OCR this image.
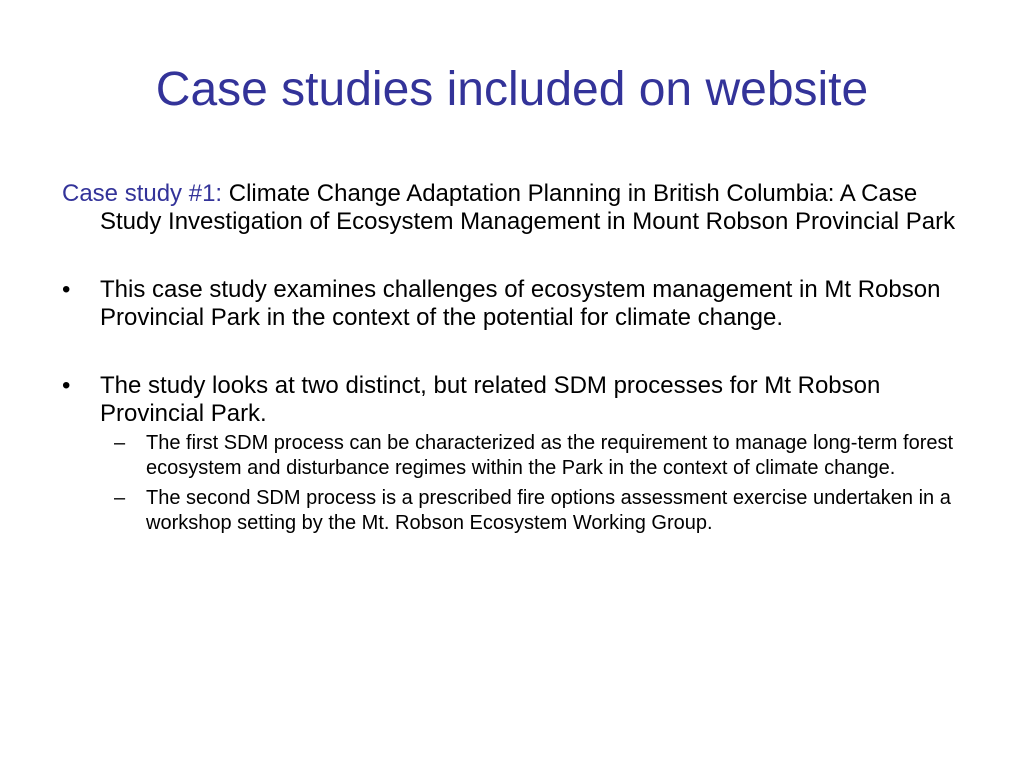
Case studies included on website

Case study #1: Climate Change Adaptation Planning in British Columbia: A Case Study Investigation of Ecosystem Management in Mount Robson Provincial Park

•	This case study examines challenges of ecosystem management in Mt Robson Provincial Park in the context of the potential for climate change.
•	The study looks at two distinct, but related SDM processes for Mt Robson Provincial Park.
– The first SDM process can be characterized as the requirement to manage long-term forest ecosystem and disturbance regimes within the Park in the context of climate change.
– The second SDM process is a prescribed fire options assessment exercise undertaken in a workshop setting by the Mt. Robson Ecosystem Working Group.
